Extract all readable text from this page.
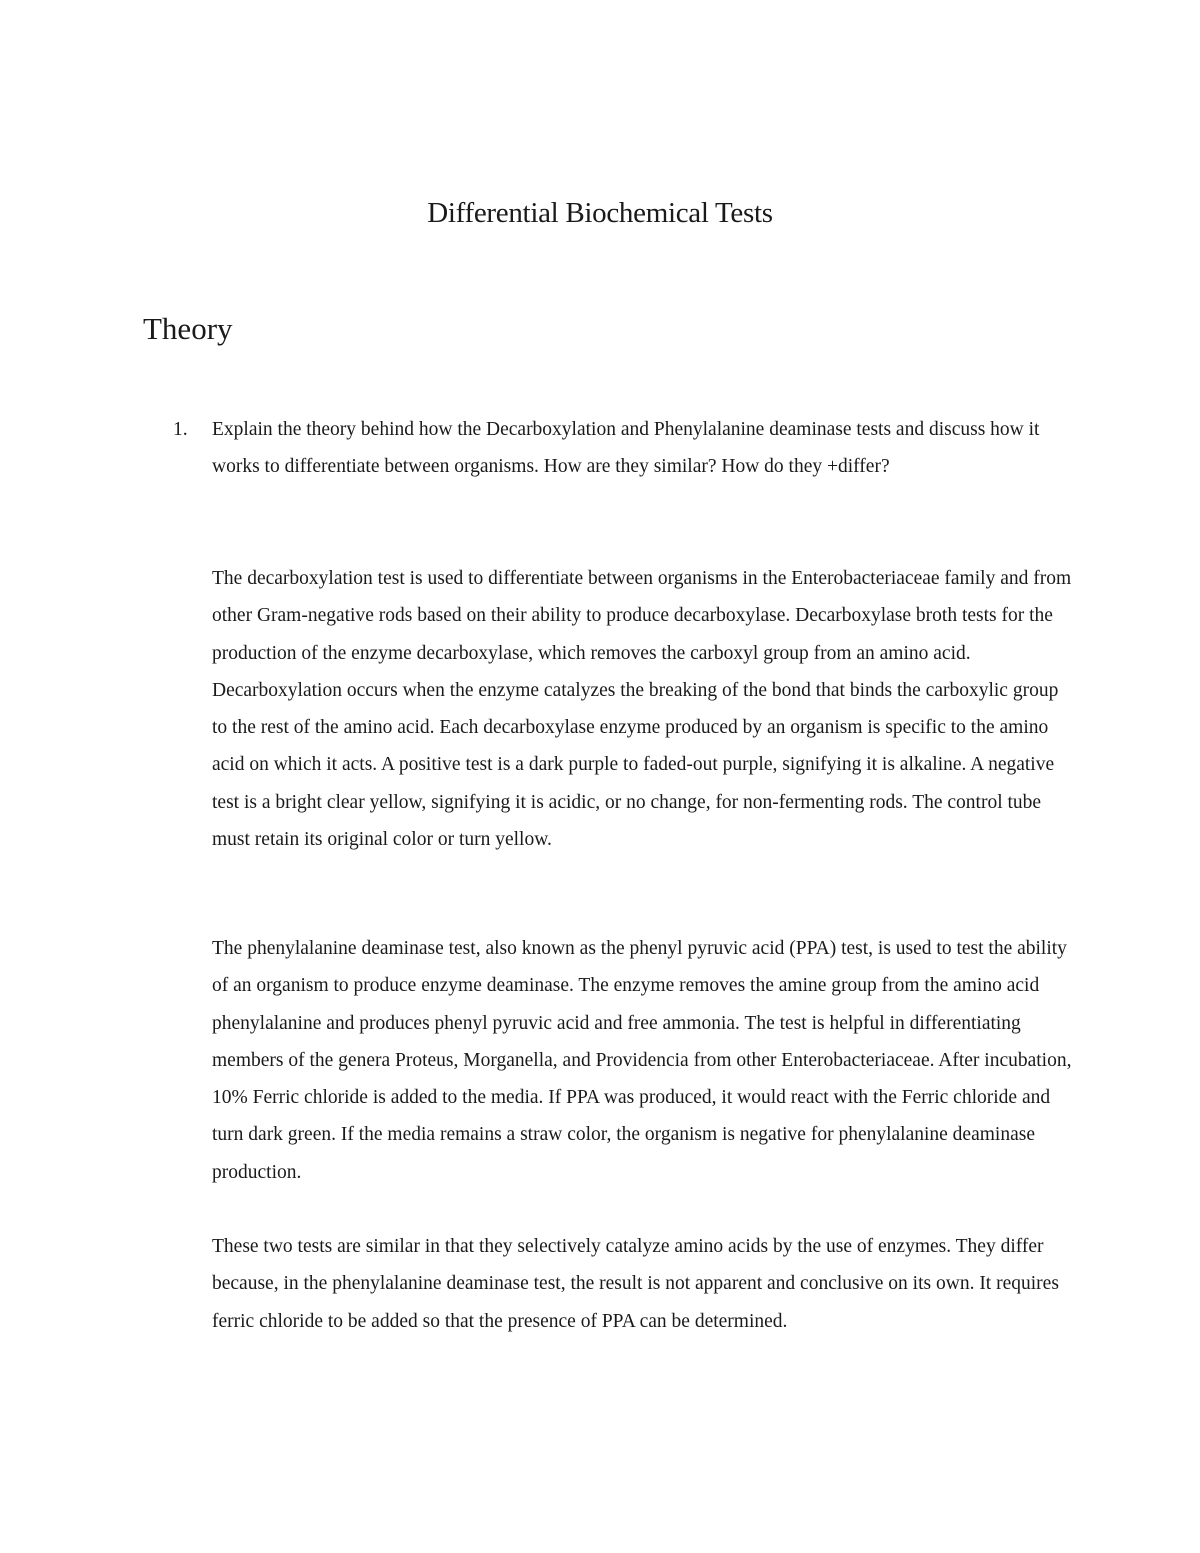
Differential Biochemical Tests
Theory
1. Explain the theory behind how the Decarboxylation and Phenylalanine deaminase tests and discuss how it works to differentiate between organisms. How are they similar? How do they +differ?

The decarboxylation test is used to differentiate between organisms in the Enterobacteriaceae family and from other Gram-negative rods based on their ability to produce decarboxylase. Decarboxylase broth tests for the production of the enzyme decarboxylase, which removes the carboxyl group from an amino acid. Decarboxylation occurs when the enzyme catalyzes the breaking of the bond that binds the carboxylic group to the rest of the amino acid. Each decarboxylase enzyme produced by an organism is specific to the amino acid on which it acts. A positive test is a dark purple to faded-out purple, signifying it is alkaline. A negative test is a bright clear yellow, signifying it is acidic, or no change, for non-fermenting rods. The control tube must retain its original color or turn yellow.

The phenylalanine deaminase test, also known as the phenyl pyruvic acid (PPA) test, is used to test the ability of an organism to produce enzyme deaminase. The enzyme removes the amine group from the amino acid phenylalanine and produces phenyl pyruvic acid and free ammonia. The test is helpful in differentiating members of the genera Proteus, Morganella, and Providencia from other Enterobacteriaceae. After incubation, 10% Ferric chloride is added to the media. If PPA was produced, it would react with the Ferric chloride and turn dark green. If the media remains a straw color, the organism is negative for phenylalanine deaminase production.

These two tests are similar in that they selectively catalyze amino acids by the use of enzymes. They differ because, in the phenylalanine deaminase test, the result is not apparent and conclusive on its own. It requires ferric chloride to be added so that the presence of PPA can be determined.
